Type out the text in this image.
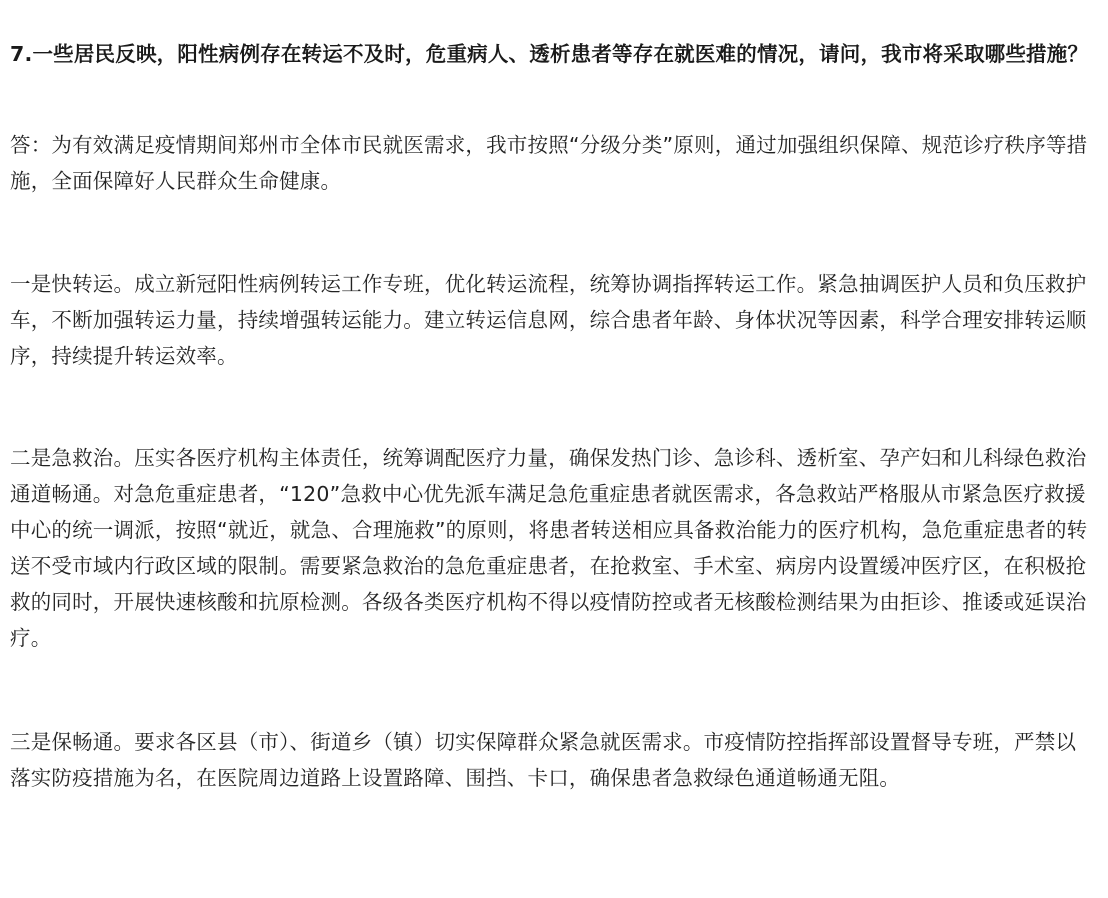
7.一些居民反映，阳性病例存在转运不及时，危重病人、透析患者等存在就医难的情况，请问，我市将采取哪些措施？

答：为有效满足疫情期间郑州市全体市民就医需求，我市按照“分级分类”原则，通过加强组织保障、规范诊疗秩序等措施，全面保障好人民群众生命健康。

一是快转运。成立新冠阳性病例转运工作专班，优化转运流程，统筹协调指挥转运工作。紧急抽调医护人员和负压救护车，不断加强转运力量，持续增强转运能力。建立转运信息网，综合患者年龄、身体状况等因素，科学合理安排转运顺序，持续提升转运效率。

二是急救治。压实各医疗机构主体责任，统筹调配医疗力量，确保发热门诊、急诊科、透析室、孕产妇和儿科绿色救治通道畅通。对急危重症患者，“120”急救中心优先派车满足急危重症患者就医需求，各急救站严格服从市紧急医疗救援中心的统一调派，按照“就近，就急、合理施救”的原则，将患者转送相应具备救治能力的医疗机构，急危重症患者的转送不受市域内行政区域的限制。需要紧急救治的急危重症患者，在抢救室、手术室、病房内设置缓冲医疗区，在积极抢救的同时，开展快速核酸和抗原检测。各级各类医疗机构不得以疫情防控或者无核酸检测结果为由拒诊、推诿或延误治疗。

三是保畅通。要求各区县（市）、街道乡（镇）切实保障群众紧急就医需求。市疫情防控指挥部设置督导专班，严禁以落实防疫措施为名，在医院周边道路上设置路障、围挡、卡口，确保患者急救绿色通道畅通无阻。
